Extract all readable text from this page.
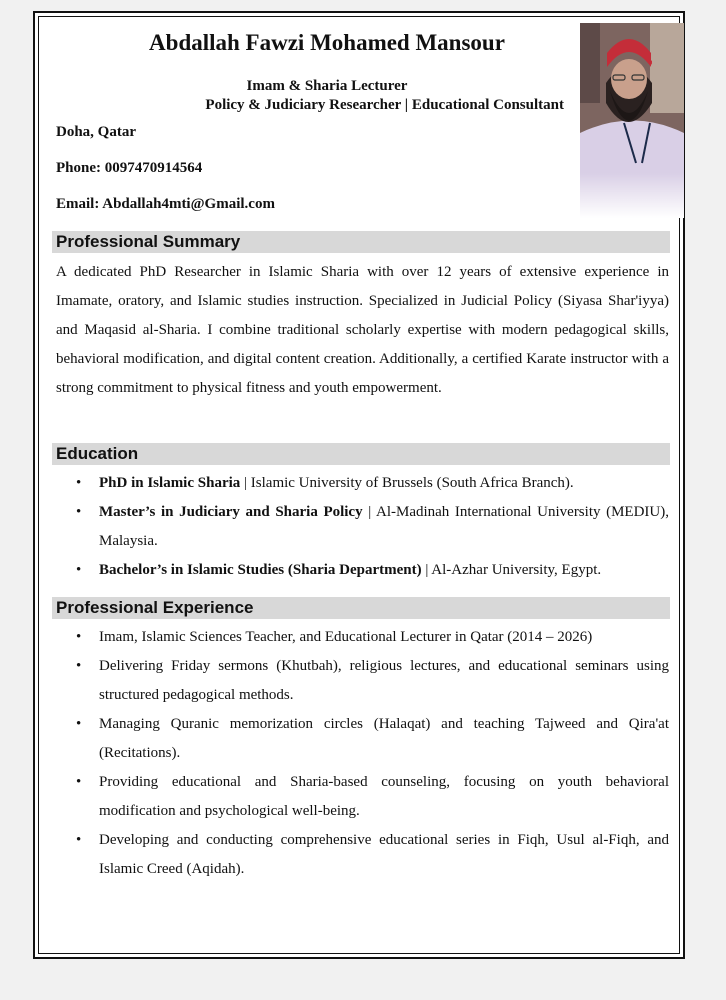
Abdallah Fawzi Mohamed Mansour
Imam & Sharia Lecturer
Policy & Judiciary Researcher | Educational Consultant
Doha, Qatar
Phone: 0097470914564
Email: Abdallah4mti@Gmail.com
Professional Summary
A dedicated PhD Researcher in Islamic Sharia with over 12 years of extensive experience in Imamate, oratory, and Islamic studies instruction. Specialized in Judicial Policy (Siyasa Shar'iyya) and Maqasid al-Sharia. I combine traditional scholarly expertise with modern pedagogical skills, behavioral modification, and digital content creation. Additionally, a certified Karate instructor with a strong commitment to physical fitness and youth empowerment.
Education
• PhD in Islamic Sharia | Islamic University of Brussels (South Africa Branch).
• Master’s in Judiciary and Sharia Policy | Al-Madinah International University (MEDIU), Malaysia.
• Bachelor’s in Islamic Studies (Sharia Department) | Al-Azhar University, Egypt.
Professional Experience
• Imam, Islamic Sciences Teacher, and Educational Lecturer in Qatar (2014 – 2026)
• Delivering Friday sermons (Khutbah), religious lectures, and educational seminars using structured pedagogical methods.
• Managing Quranic memorization circles (Halaqat) and teaching Tajweed and Qira'at (Recitations).
• Providing educational and Sharia-based counseling, focusing on youth behavioral modification and psychological well-being.
• Developing and conducting comprehensive educational series in Fiqh, Usul al-Fiqh, and Islamic Creed (Aqidah).
